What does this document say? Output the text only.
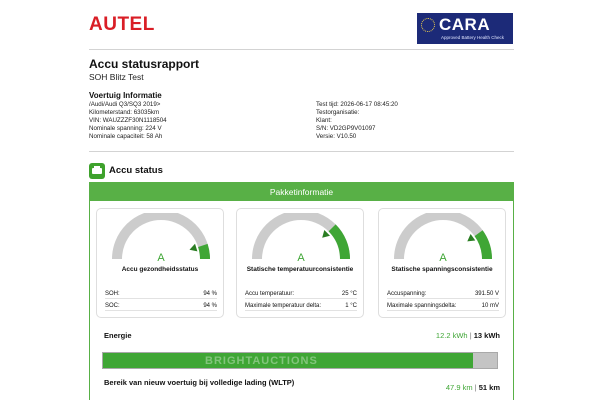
AUTEL	CARA
Approved Battery Health Check
Accu statusrapport
SOH Blitz Test
Voertuig Informatie
/Audi/Audi Q3/SQ3 2019>
Kilometerstand: 63035km
VIN: WAUZZZF30N1118504
Nominale spanning: 224 V
Nominale capaciteit: 58 Ah
Test tijd: 2026-06-17 08:45:20
Testorganisatie:
Klant:
S/N: VD2GP9V01097
Versie: V10.50
Accu status
Pakketinformatie
A
Accu gezondheidsstatus
SOH:	94 %
SOC:	94 %
A
Statische temperatuurconsistentie
Accu temperatuur:	25 °C
Maximale temperatuur delta:	1 °C
A
Statische spanningsconsistentie
Accuspanning:	391.50 V
Maximale spanningsdelta:	10 mV
Energie	12.2 kWh | 13 kWh
BRIGHTAUCTIONS
Bereik van nieuw voertuig bij volledige lading (WLTP)
47.9 km | 51 km
